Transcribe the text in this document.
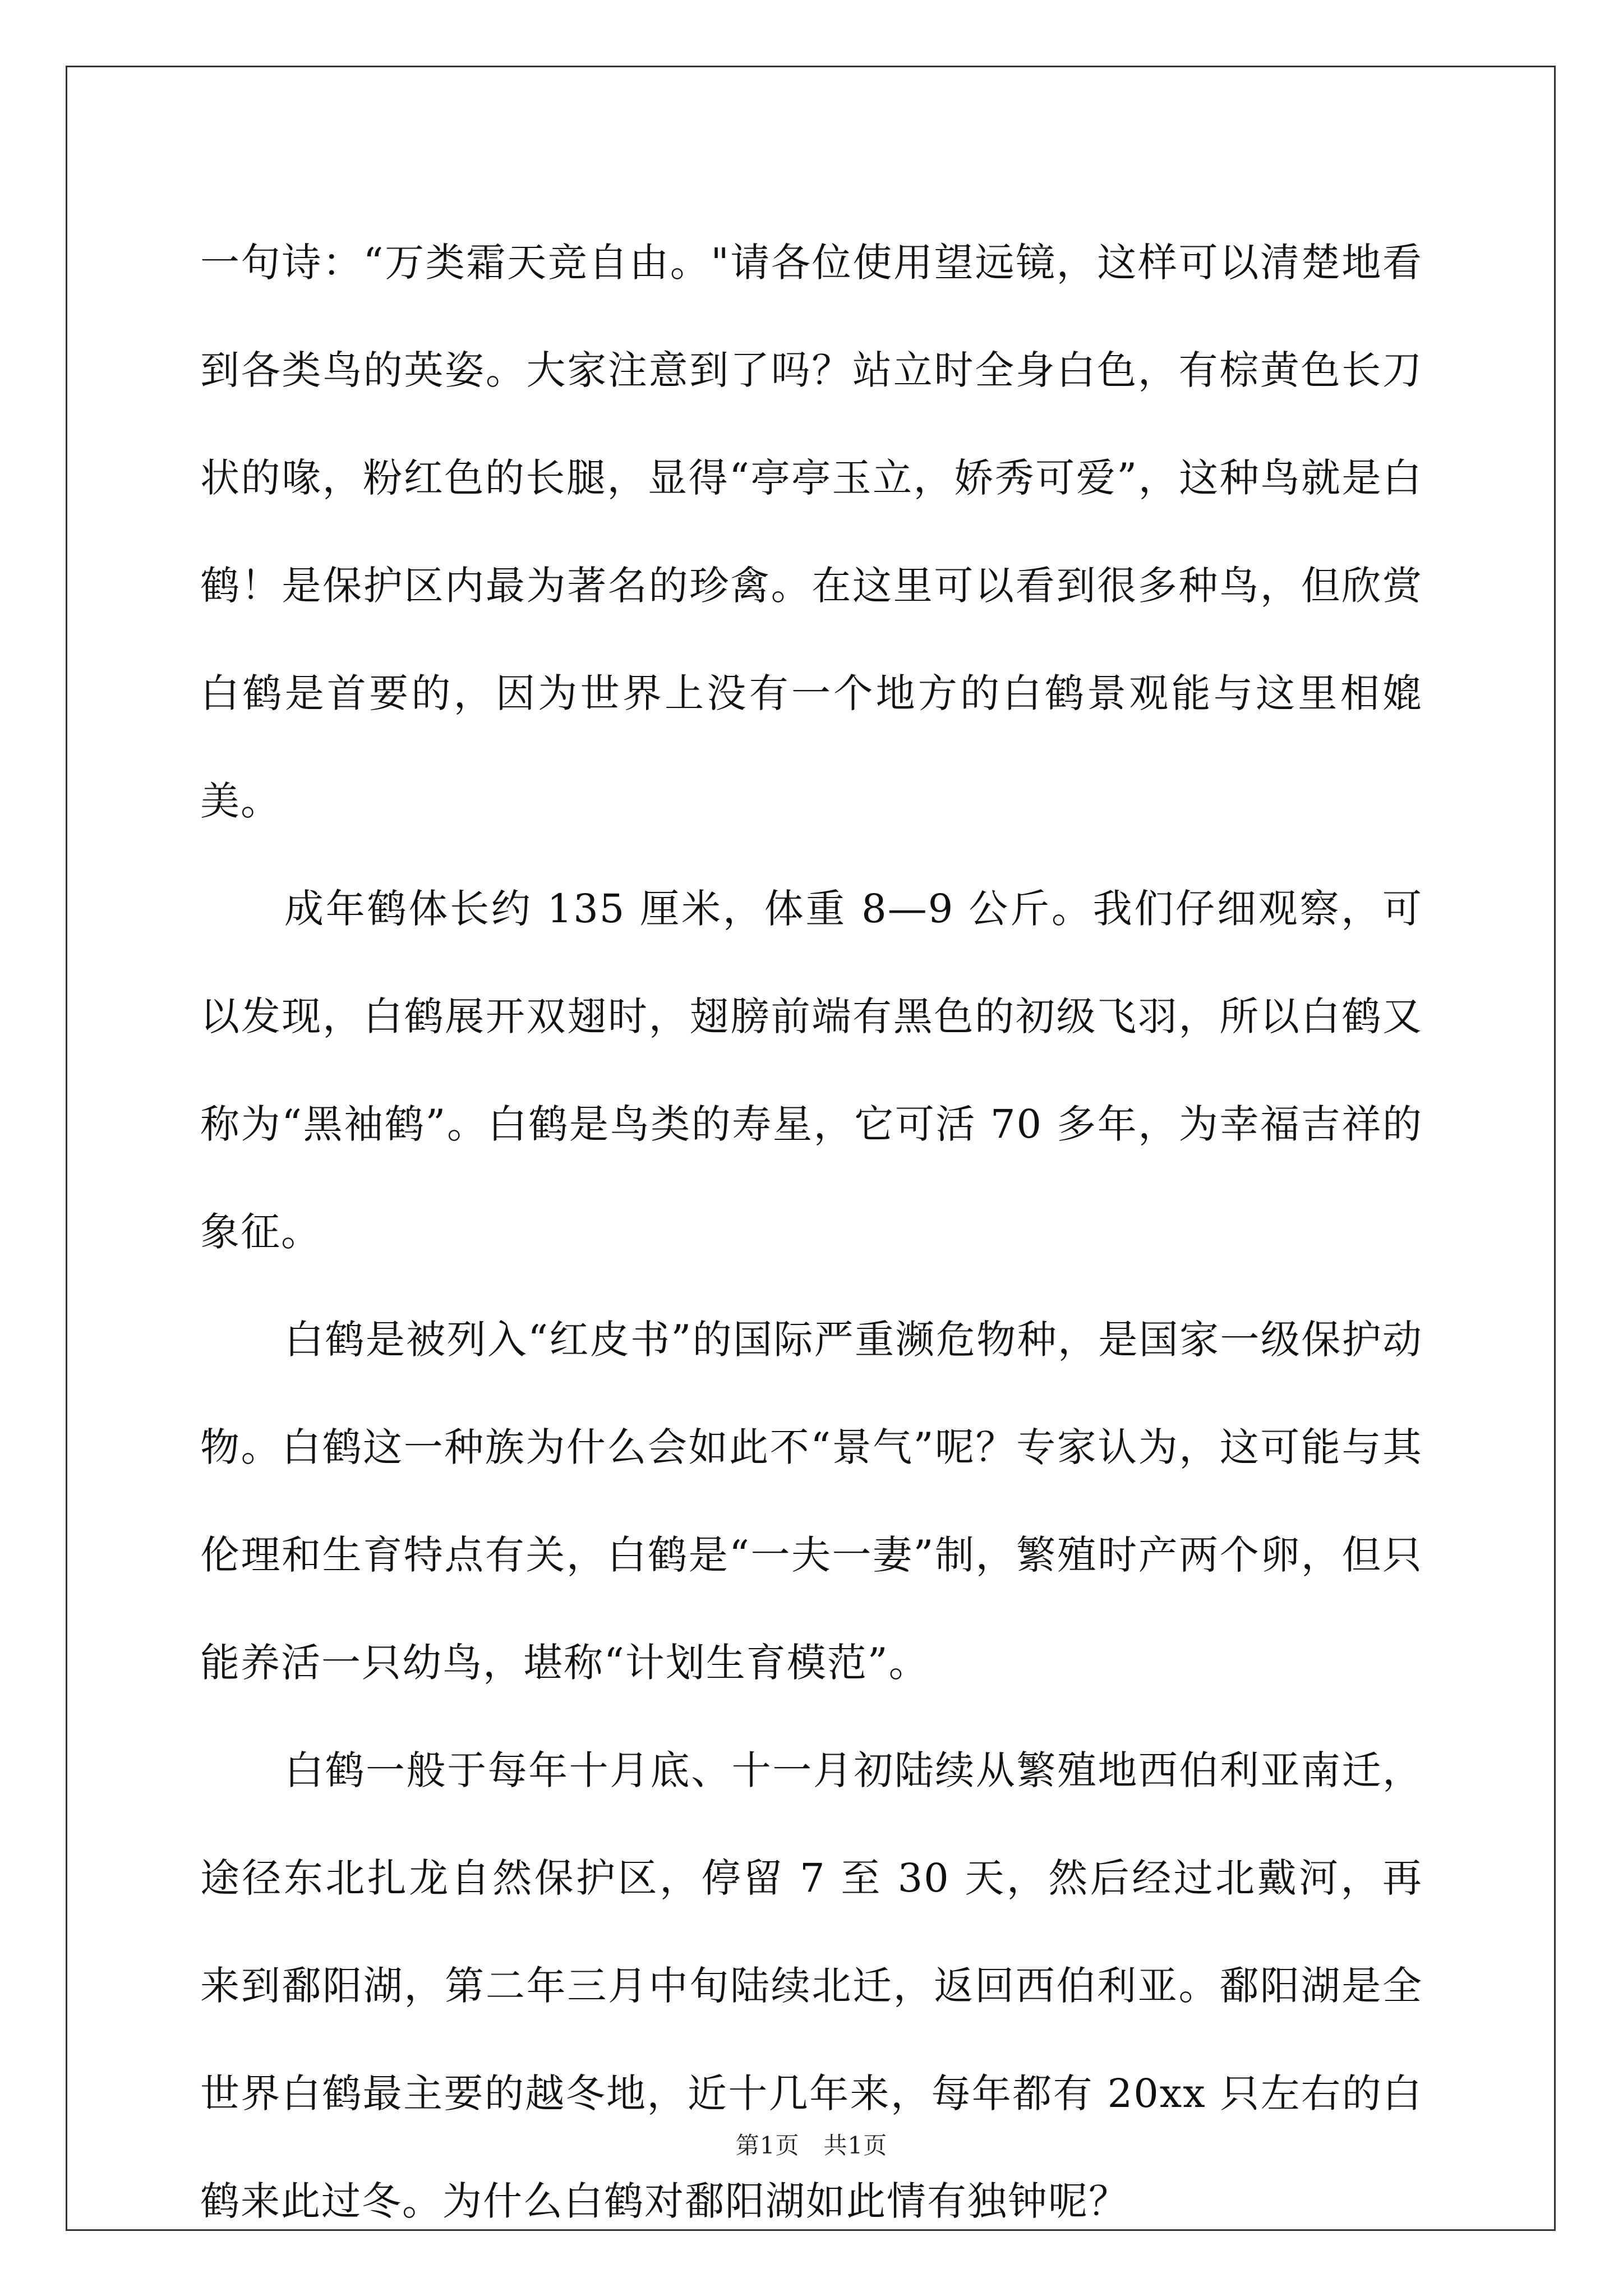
一句诗：“万类霜天竞自由。"请各位使用望远镜，这样可以清楚地看到各类鸟的英姿。大家注意到了吗？站立时全身白色，有棕黄色长刀状的喙，粉红色的长腿，显得“亭亭玉立，娇秀可爱”，这种鸟就是白鹤！是保护区内最为著名的珍禽。在这里可以看到很多种鸟，但欣赏白鹤是首要的，因为世界上没有一个地方的白鹤景观能与这里相媲美。

成年鹤体长约 135 厘米，体重 8—9 公斤。我们仔细观察，可以发现，白鹤展开双翅时，翅膀前端有黑色的初级飞羽，所以白鹤又称为“黑袖鹤”。白鹤是鸟类的寿星，它可活 70 多年，为幸福吉祥的象征。

白鹤是被列入“红皮书”的国际严重濒危物种，是国家一级保护动物。白鹤这一种族为什么会如此不“景气”呢？专家认为，这可能与其伦理和生育特点有关，白鹤是“一夫一妻”制，繁殖时产两个卵，但只能养活一只幼鸟，堪称“计划生育模范”。

白鹤一般于每年十月底、十一月初陆续从繁殖地西伯利亚南迁，途径东北扎龙自然保护区，停留 7 至 30 天，然后经过北戴河，再来到鄱阳湖，第二年三月中旬陆续北迁，返回西伯利亚。鄱阳湖是全世界白鹤最主要的越冬地，近十几年来，每年都有 20xx 只左右的白鹤来此过冬。为什么白鹤对鄱阳湖如此情有独钟呢？

第1页　共1页
